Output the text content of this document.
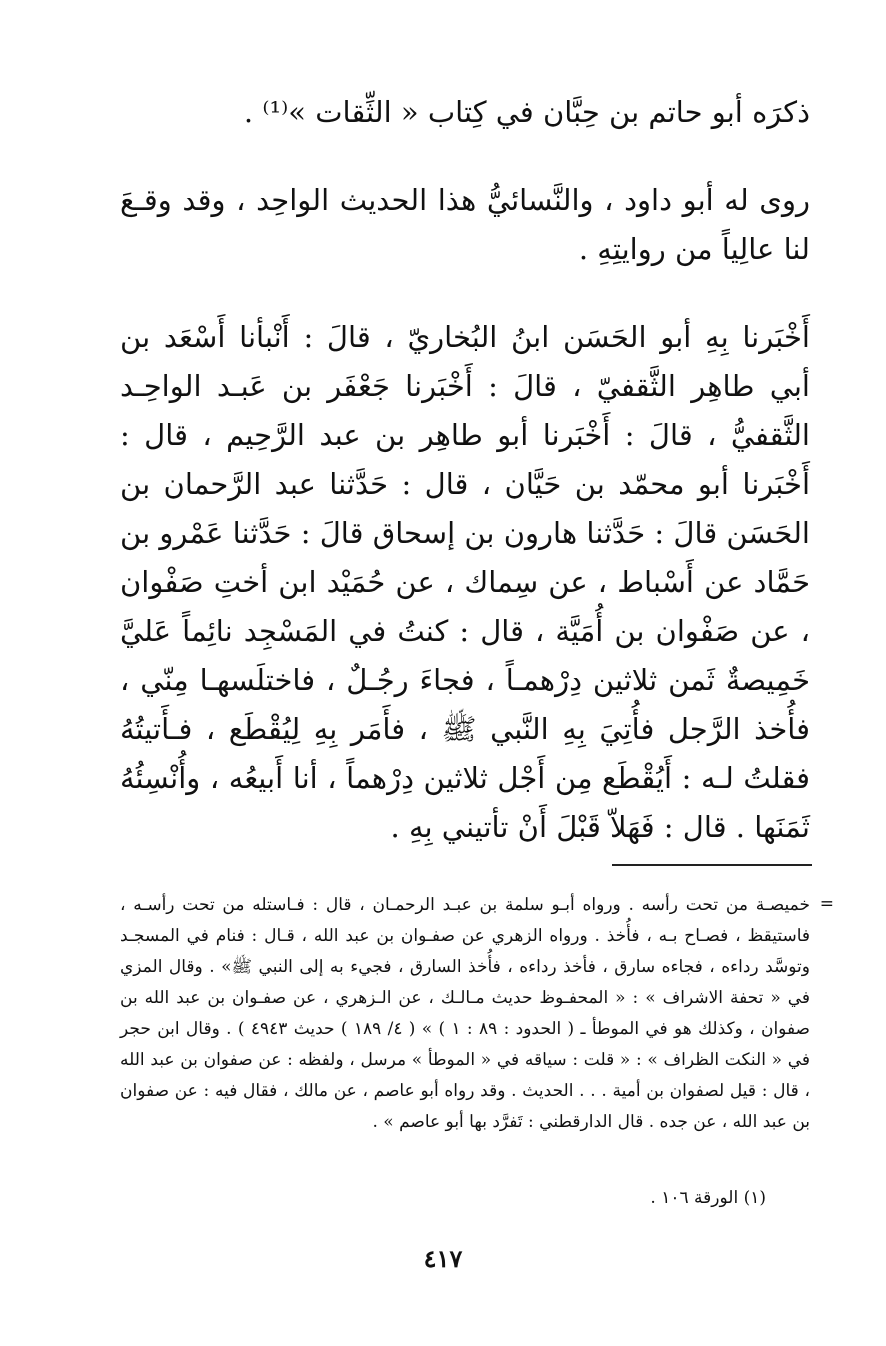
ذكرَه أبو حاتم بن حِبَّان في كِتاب « الثِّقات »⁽¹⁾ .

روى له أبو داود ، والنَّسائيُّ هذا الحديث الواحِد ، وقد وقـعَ لنا عالِياً من روايتِهِ .

أَخْبَرنا بِهِ أبو الحَسَن ابنُ البُخاريّ ، قالَ : أَنْبأنا أَسْعَد بن أبي طاهِر الثَّقفيّ ، قالَ : أَخْبَرنا جَعْفَر بن عَبـد الواحِـد الثَّقفيُّ ، قالَ : أَخْبَرنا أبو طاهِر بن عبد الرَّحِيم ، قال : أَخْبَرنا أبو محمّد بن حَيَّان ، قال : حَدَّثنا عبد الرَّحمان بن الحَسَن قالَ : حَدَّثنا هارون بن إسحاق قالَ : حَدَّثنا عَمْرو بن حَمَّاد عن أَسْباط ، عن سِماك ، عن حُمَيْد ابن أختِ صَفْوان ، عن صَفْوان بن أُمَيَّة ، قال : كنتُ في المَسْجِد نائِماً عَليَّ خَمِيصةٌ ثَمن ثلاثين دِرْهمـاً ، فجاءَ رجُـلٌ ، فاختلَسهـا مِنّي ، فأُخذ الرَّجل فأُتِيَ بِهِ النَّبي ﷺ ، فأَمَر بِهِ لِيُقْطَع ، فـأَتيتُهُ فقلتُ لـه : أَيُقْطَع مِن أَجْل ثلاثين دِرْهماً ، أنا أَبيعُه ، وأُنْسِئُهُ ثَمَنَها . قال : فَهَلاّ قَبْلَ أَنْ تأتيني بِهِ .

=

خميصـة من تحت رأسه . ورواه أبـو سلمة بن عبـد الرحمـان ، قال : فـاستله من تحت رأسـه ، فاستيقظ ، فصـاح بـه ، فأُخذ . ورواه الزهري عن صفـوان بن عبد الله ، قـال : فنام في المسجـد وتوسَّد رداءه ، فجاءه سارق ، فأخذ رداءه ، فأُخذ السارق ، فجيء به إلى النبي ﷺ» . وقال المزي في « تحفة الاشراف » : « المحفـوظ حديث مـالـك ، عن الـزهري ، عن صفـوان بن عبد الله بن صفوان ، وكذلك هو في الموطأ ـ ( الحدود : ٨٩ : ١ ) » ( ٤/ ١٨٩ ) حديث ٤٩٤٣ ) . وقال ابن حجر في « النكت الظراف » : « قلت : سياقه في « الموطأ » مرسل ، ولفظه : عن صفوان بن عبد الله ، قال : قيل لصفوان بن أمية . . . الحديث . وقد رواه أبو عاصم ، عن مالك ، فقال فيه : عن صفوان بن عبد الله ، عن جده . قال الدارقطني : تَفرَّد بها أبو عاصم » .

(١) الورقة ١٠٦ .

٤١٧
